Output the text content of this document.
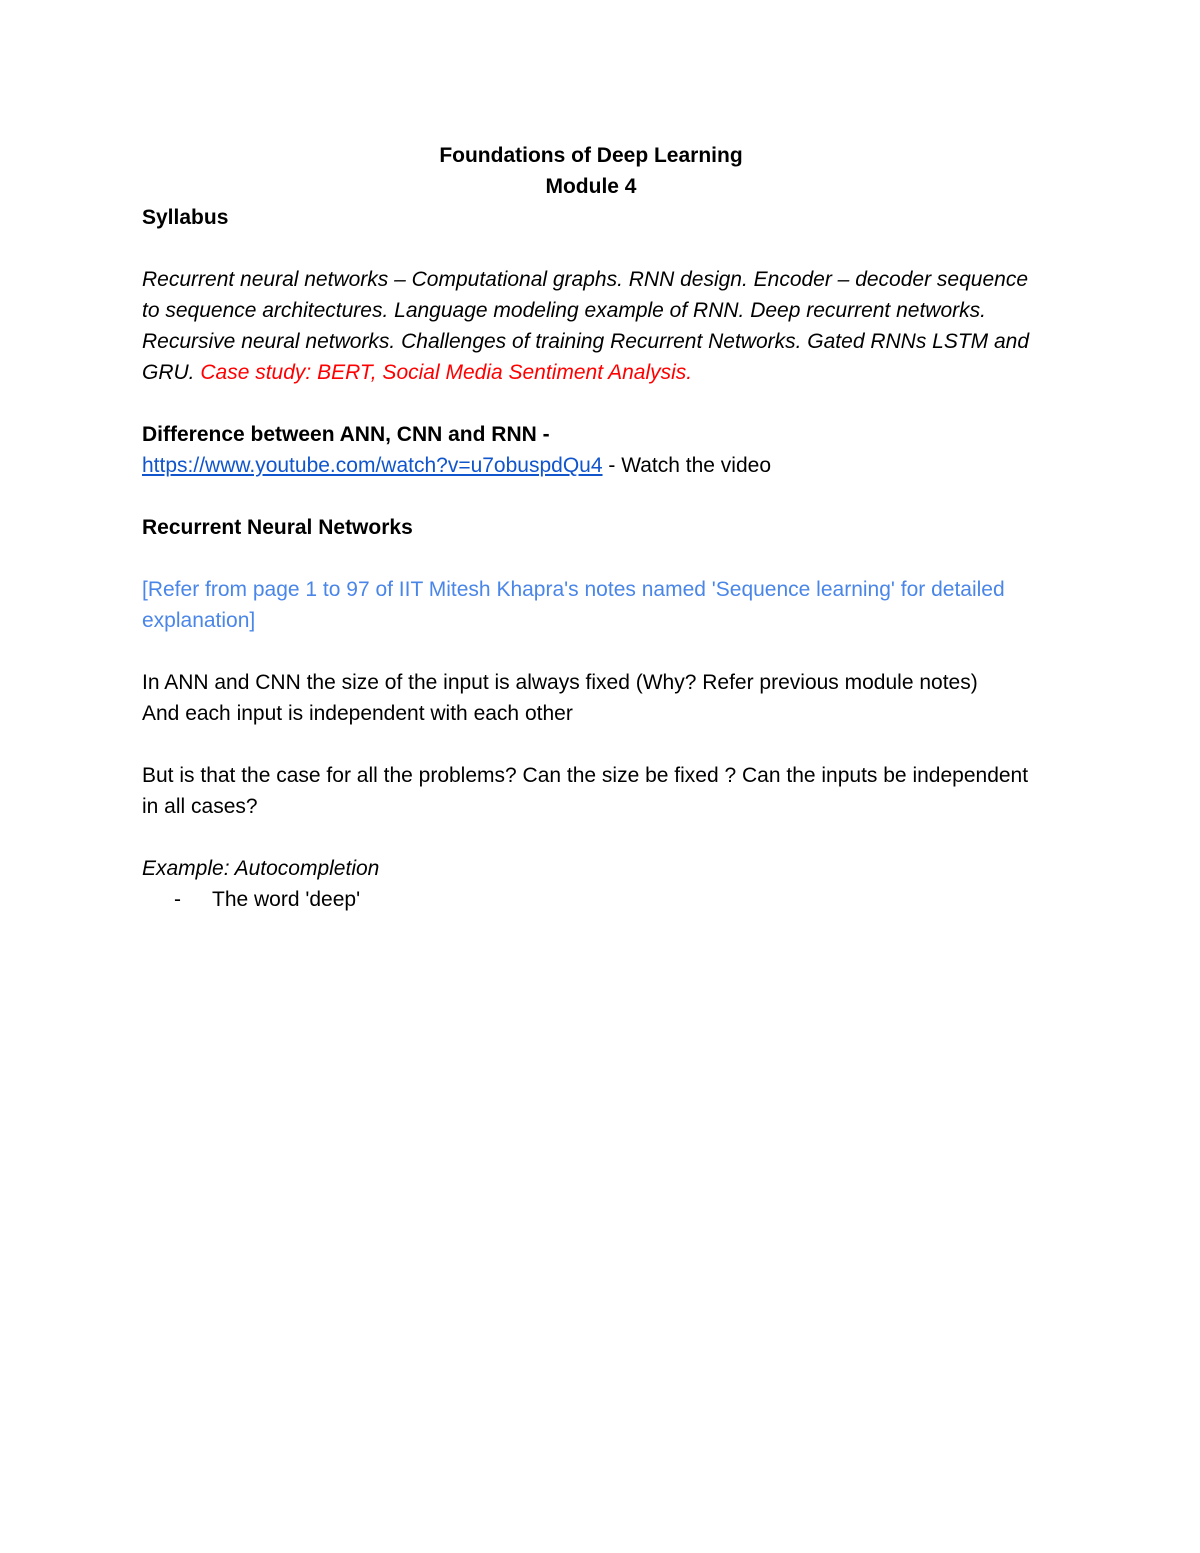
Foundations of Deep Learning
Module 4
Syllabus
Recurrent neural networks – Computational graphs. RNN design. Encoder – decoder sequence to sequence architectures. Language modeling example of RNN. Deep recurrent networks. Recursive neural networks. Challenges of training Recurrent Networks. Gated RNNs LSTM and GRU. Case study: BERT, Social Media Sentiment Analysis.
Difference between ANN, CNN and RNN -
https://www.youtube.com/watch?v=u7obuspdQu4 - Watch the video
Recurrent Neural Networks
[Refer from page 1 to 97 of IIT Mitesh Khapra's notes named 'Sequence learning' for detailed explanation]
In ANN and CNN the size of the input is always fixed (Why? Refer previous module notes)
And each input is independent with each other
But is that the case for all the problems? Can the size be fixed ? Can the inputs be independent in all cases?
Example: Autocompletion
- The word 'deep'
